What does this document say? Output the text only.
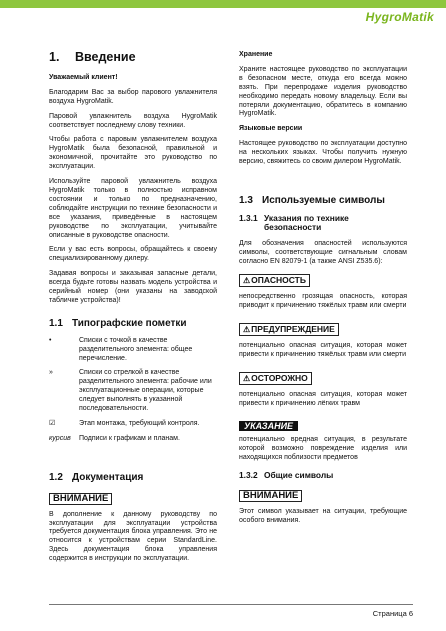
HygroMatik
1. Введение

Уважаемый клиент!

Благодарим Вас за выбор парового увлажнителя воздуха HygroMatik.

Паровой увлажнитель воздуха HygroMatik соответствует последнему слову техники.

Чтобы работа с паровым увлажнителем воздуха HygroMatik была безопасной, правильной и экономичной, прочитайте это руководство по эксплуатации.

Используйте паровой увлажнитель воздуха HygroMatik только в полностью исправном состоянии и только по предназначению, соблюдайте инструкции по технике безопасности и все указания, приведённые в настоящем руководстве по эксплуатации, учитывайте описанные в руководстве опасности.

Если у вас есть вопросы, обращайтесь к своему специализированному дилеру.

Задавая вопросы и заказывая запасные детали, всегда будьте готовы назвать модель устройства и серийный номер (они указаны на заводской табличке устройства)!

1.1 Типографские пометки
•	Списки с точкой в качестве разделительного элемента: общее перечисление.
»	Списки со стрелкой в качестве разделительного элемента: рабочие или эксплуатационные операции, которые следует выполнять в указанной последовательности.
☑	Этап монтажа, требующий контроля.
курсив	Подписи к графикам и планам.
1.2 Документация
ВНИМАНИЕ

В дополнение к данному руководству по эксплуатации для эксплуатации устройства требуется документация блока управления. Это не относится к устройствам серии StandardLine. Здесь документация блока управления содержится в инструкции по эксплуатации.

Хранение

Храните настоящее руководство по эксплуатации в безопасном месте, откуда его всегда можно взять. При перепродаже изделия руководство необходимо передать новому владельцу. Если вы потеряли документацию, обратитесь в компанию HygroMatik.

Языковые версии

Настоящее руководство по эксплуатации доступно на нескольких языках. Чтобы получить нужную версию, свяжитесь со своим дилером HygroMatik.

1.3 Используемые символы
1.3.1 Указания по технике безопасности

Для обозначения опасностей используются символы, соответствующие сигнальным словам согласно EN 82079-1 (а также ANSI Z535.6):

⚠ОПАСНОСТЬ

непосредственно грозящая опасность, которая приводит к причинению тяжёлых травм или смерти

⚠ПРЕДУПРЕЖДЕНИЕ

потенциально опасная ситуация, которая может привести к причинению тяжёлых травм или смерти

⚠ОСТОРОЖНО

потенциально опасная ситуация, которая может привести к причинению лёгких травм

УКАЗАНИЕ

потенциально вредная ситуация, в результате которой возможно повреждение изделия или находящихся поблизости предметов

1.3.2 Общие символы
ВНИМАНИЕ

Этот символ указывает на ситуации, требующие особого внимания.

Страница 6
